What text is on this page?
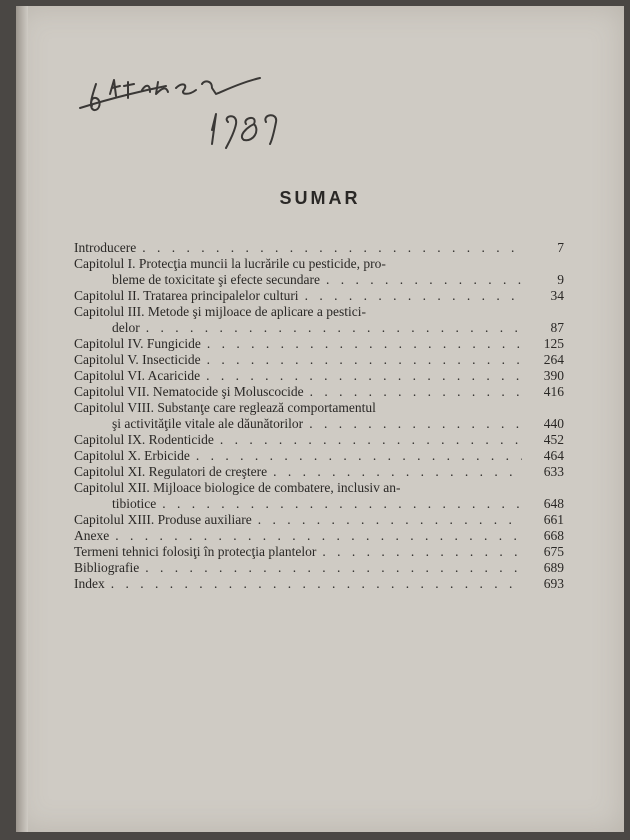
SUMAR
Introducere . . .	7
Capitolul I. Protecţia muncii la lucrările cu pesticide, pro-
bleme de toxicitate şi efecte secundare . . .	9
Capitolul II. Tratarea principalelor culturi . . .	34
Capitolul III. Metode şi mijloace de aplicare a pestici-
delor . . .	87
Capitolul IV. Fungicide . . .	125
Capitolul V. Insecticide . . .	264
Capitolul VI. Acaricide . . .	390
Capitolul VII. Nematocide şi Moluscocide . . .	416
Capitolul VIII. Substanţe care reglează comportamentul
şi activităţile vitale ale dăunătorilor . . .	440
Capitolul IX. Rodenticide . . .	452
Capitolul X. Erbicide . . .	464
Capitolul XI. Regulatori de creştere . . .	633
Capitolul XII. Mijloace biologice de combatere, inclusiv an-
tibiotice . . .	648
Capitolul XIII. Produse auxiliare . . .	661
Anexe . . .	668
Termeni tehnici folosiţi în protecţia plantelor . . .	675
Bibliografie . . .	689
Index . . .	693
